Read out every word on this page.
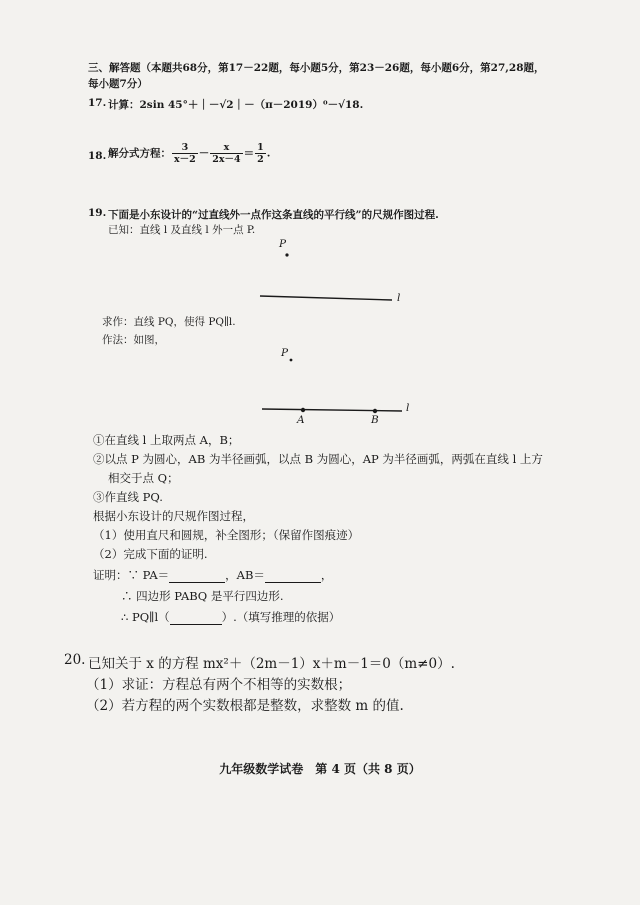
三、解答题（本题共68分，第17－22题，每小题5分，第23－26题，每小题6分，第27,28题，
每小题7分）
17. 计算：2sin 45°＋｜－√2｜－（π－2019）⁰－√18.
18. 解分式方程： $\frac{3}{x-2} - \frac{x}{2x-4} = \frac{1}{2}$ .
19. 下面是小东设计的“过直线外一点作这条直线的平行线”的尺规作图过程.
已知：直线 l 及直线 l 外一点 P.
P
l
求作：直线 PQ，使得 PQ∥l.
作法：如图，
P
A	B
l
①在直线 l 上取两点 A，B；
②以点 P 为圆心，AB 为半径画弧，以点 B 为圆心，AP 为半径画弧，两弧在直线 l 上方
相交于点 Q；
③作直线 PQ.
根据小东设计的尺规作图过程，
（1）使用直尺和圆规，补全图形；（保留作图痕迹）
（2）完成下面的证明.
证明：∵ PA＝	，AB＝	，
∴ 四边形 PABQ 是平行四边形.
∴ PQ∥l（	）.（填写推理的依据）
20. 已知关于 x 的方程 mx²＋（2m－1）x＋m－1＝0（m≠0）.
（1）求证：方程总有两个不相等的实数根；
（2）若方程的两个实数根都是整数，求整数 m 的值.
九年级数学试卷　第 4 页（共 8 页）
